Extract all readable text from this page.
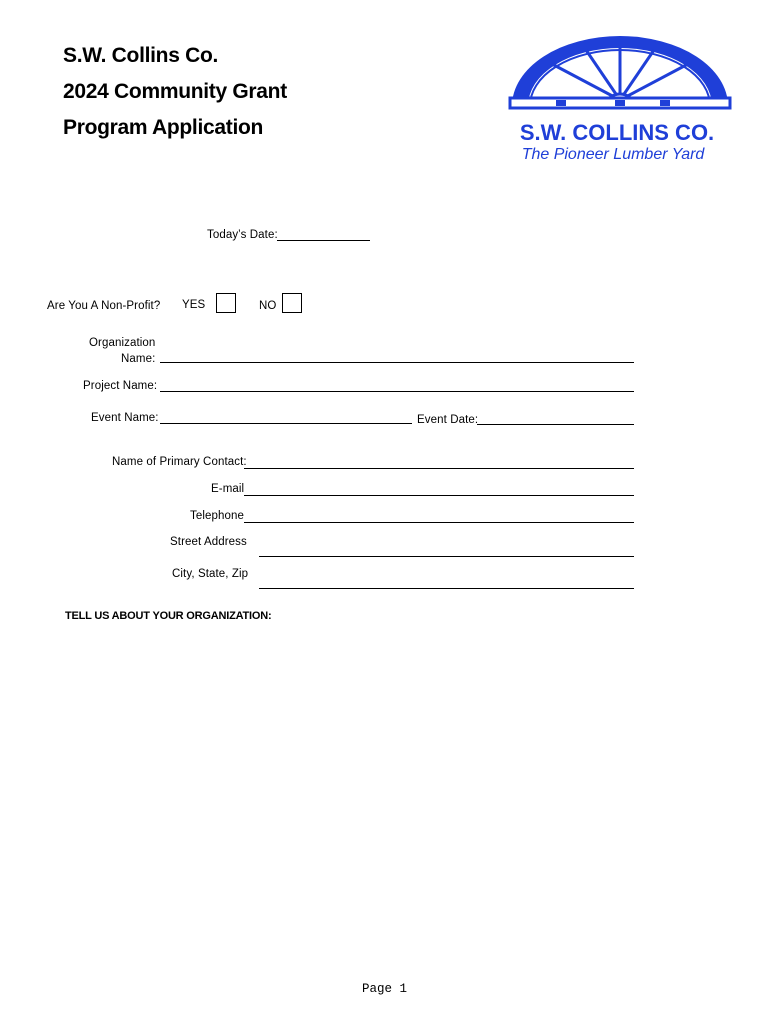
S.W. Collins Co.
2024 Community Grant
Program Application	S.W. COLLINS CO.
The Pioneer Lumber Yard
Today’s Date:
Are You A Non-Profit? YES	NO
Organization
Name:
Project Name:
Event Name:	Event Date:
Name of Primary Contact:
E-mail
Telephone
Street Address
City, State, Zip
TELL US ABOUT YOUR ORGANIZATION:
Page 1
